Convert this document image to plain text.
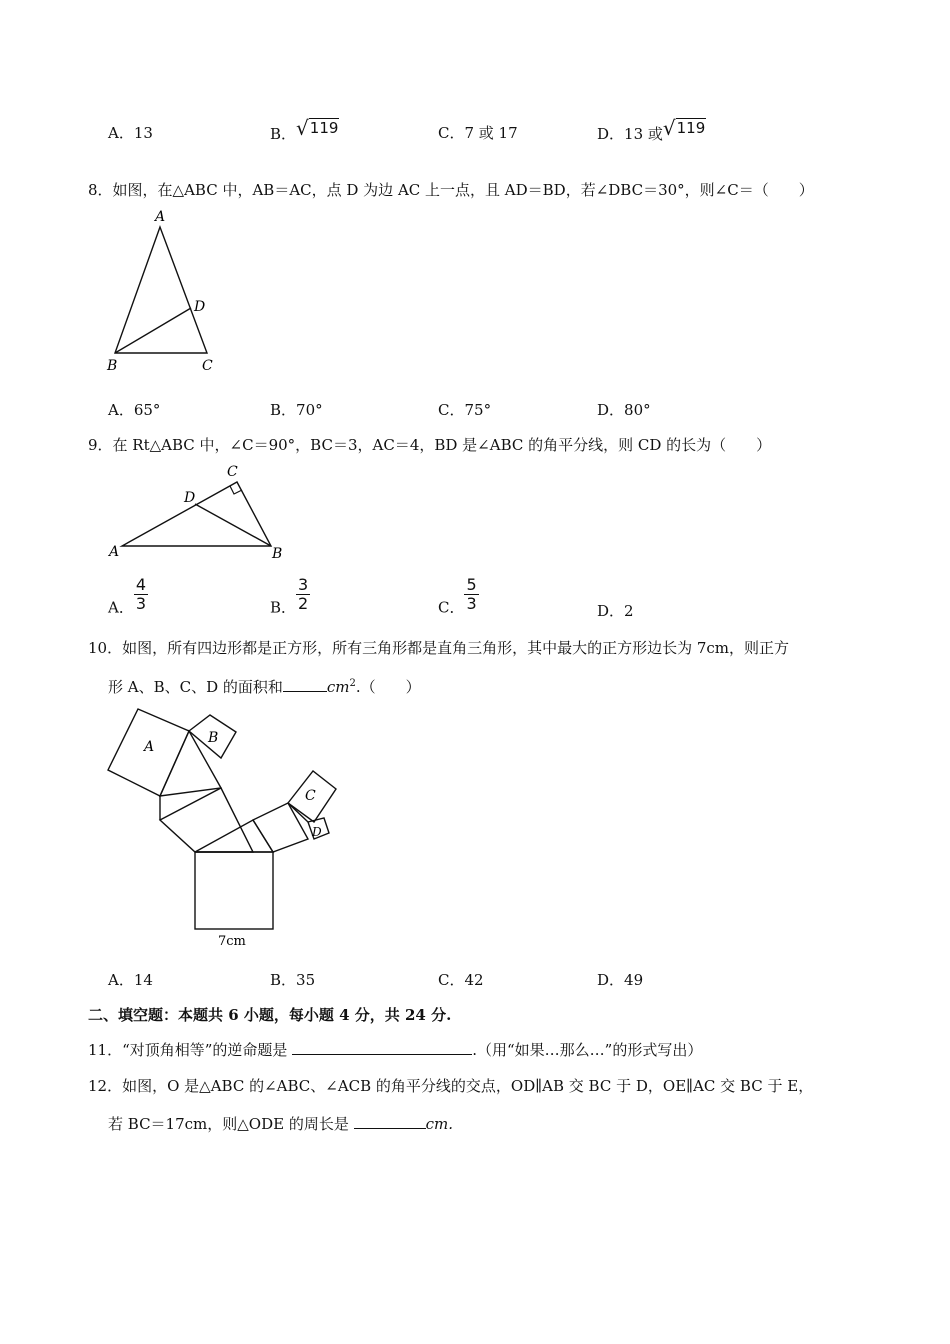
A．13	B．√119	C．7 或 17	D．13 或√119
8．如图，在△ABC 中，AB＝AC，点 D 为边 AC 上一点，且 AD＝BD，若∠DBC＝30°，则∠C＝（　　）
A
B	C
D
A．65°	B．70°	C．75°	D．80°
9．在 Rt△ABC 中，∠C＝90°，BC＝3，AC＝4，BD 是∠ABC 的角平分线，则 CD 的长为（　　）
A	B
C
D
A． $\frac{4}{3}$	B． $\frac{3}{2}$	C． $\frac{5}{3}$	D．2
10．如图，所有四边形都是正方形，所有三角形都是直角三角形，其中最大的正方形边长为 7cm，则正方
形 A、B、C、D 的面积和	$cm^2$.（　　）
A
B
C
D
7cm
A．14	B．35	C．42	D．49
二、填空题：本题共 6 小题，每小题 4 分，共 24 分.
11．“对顶角相等”的逆命题是	.（用“如果…那么…”的形式写出）
12．如图，O 是△ABC 的∠ABC、∠ACB 的角平分线的交点，OD∥AB 交 BC 于 D，OE∥AC 交 BC 于 E，
若 BC＝17cm，则△ODE 的周长是	cm.
